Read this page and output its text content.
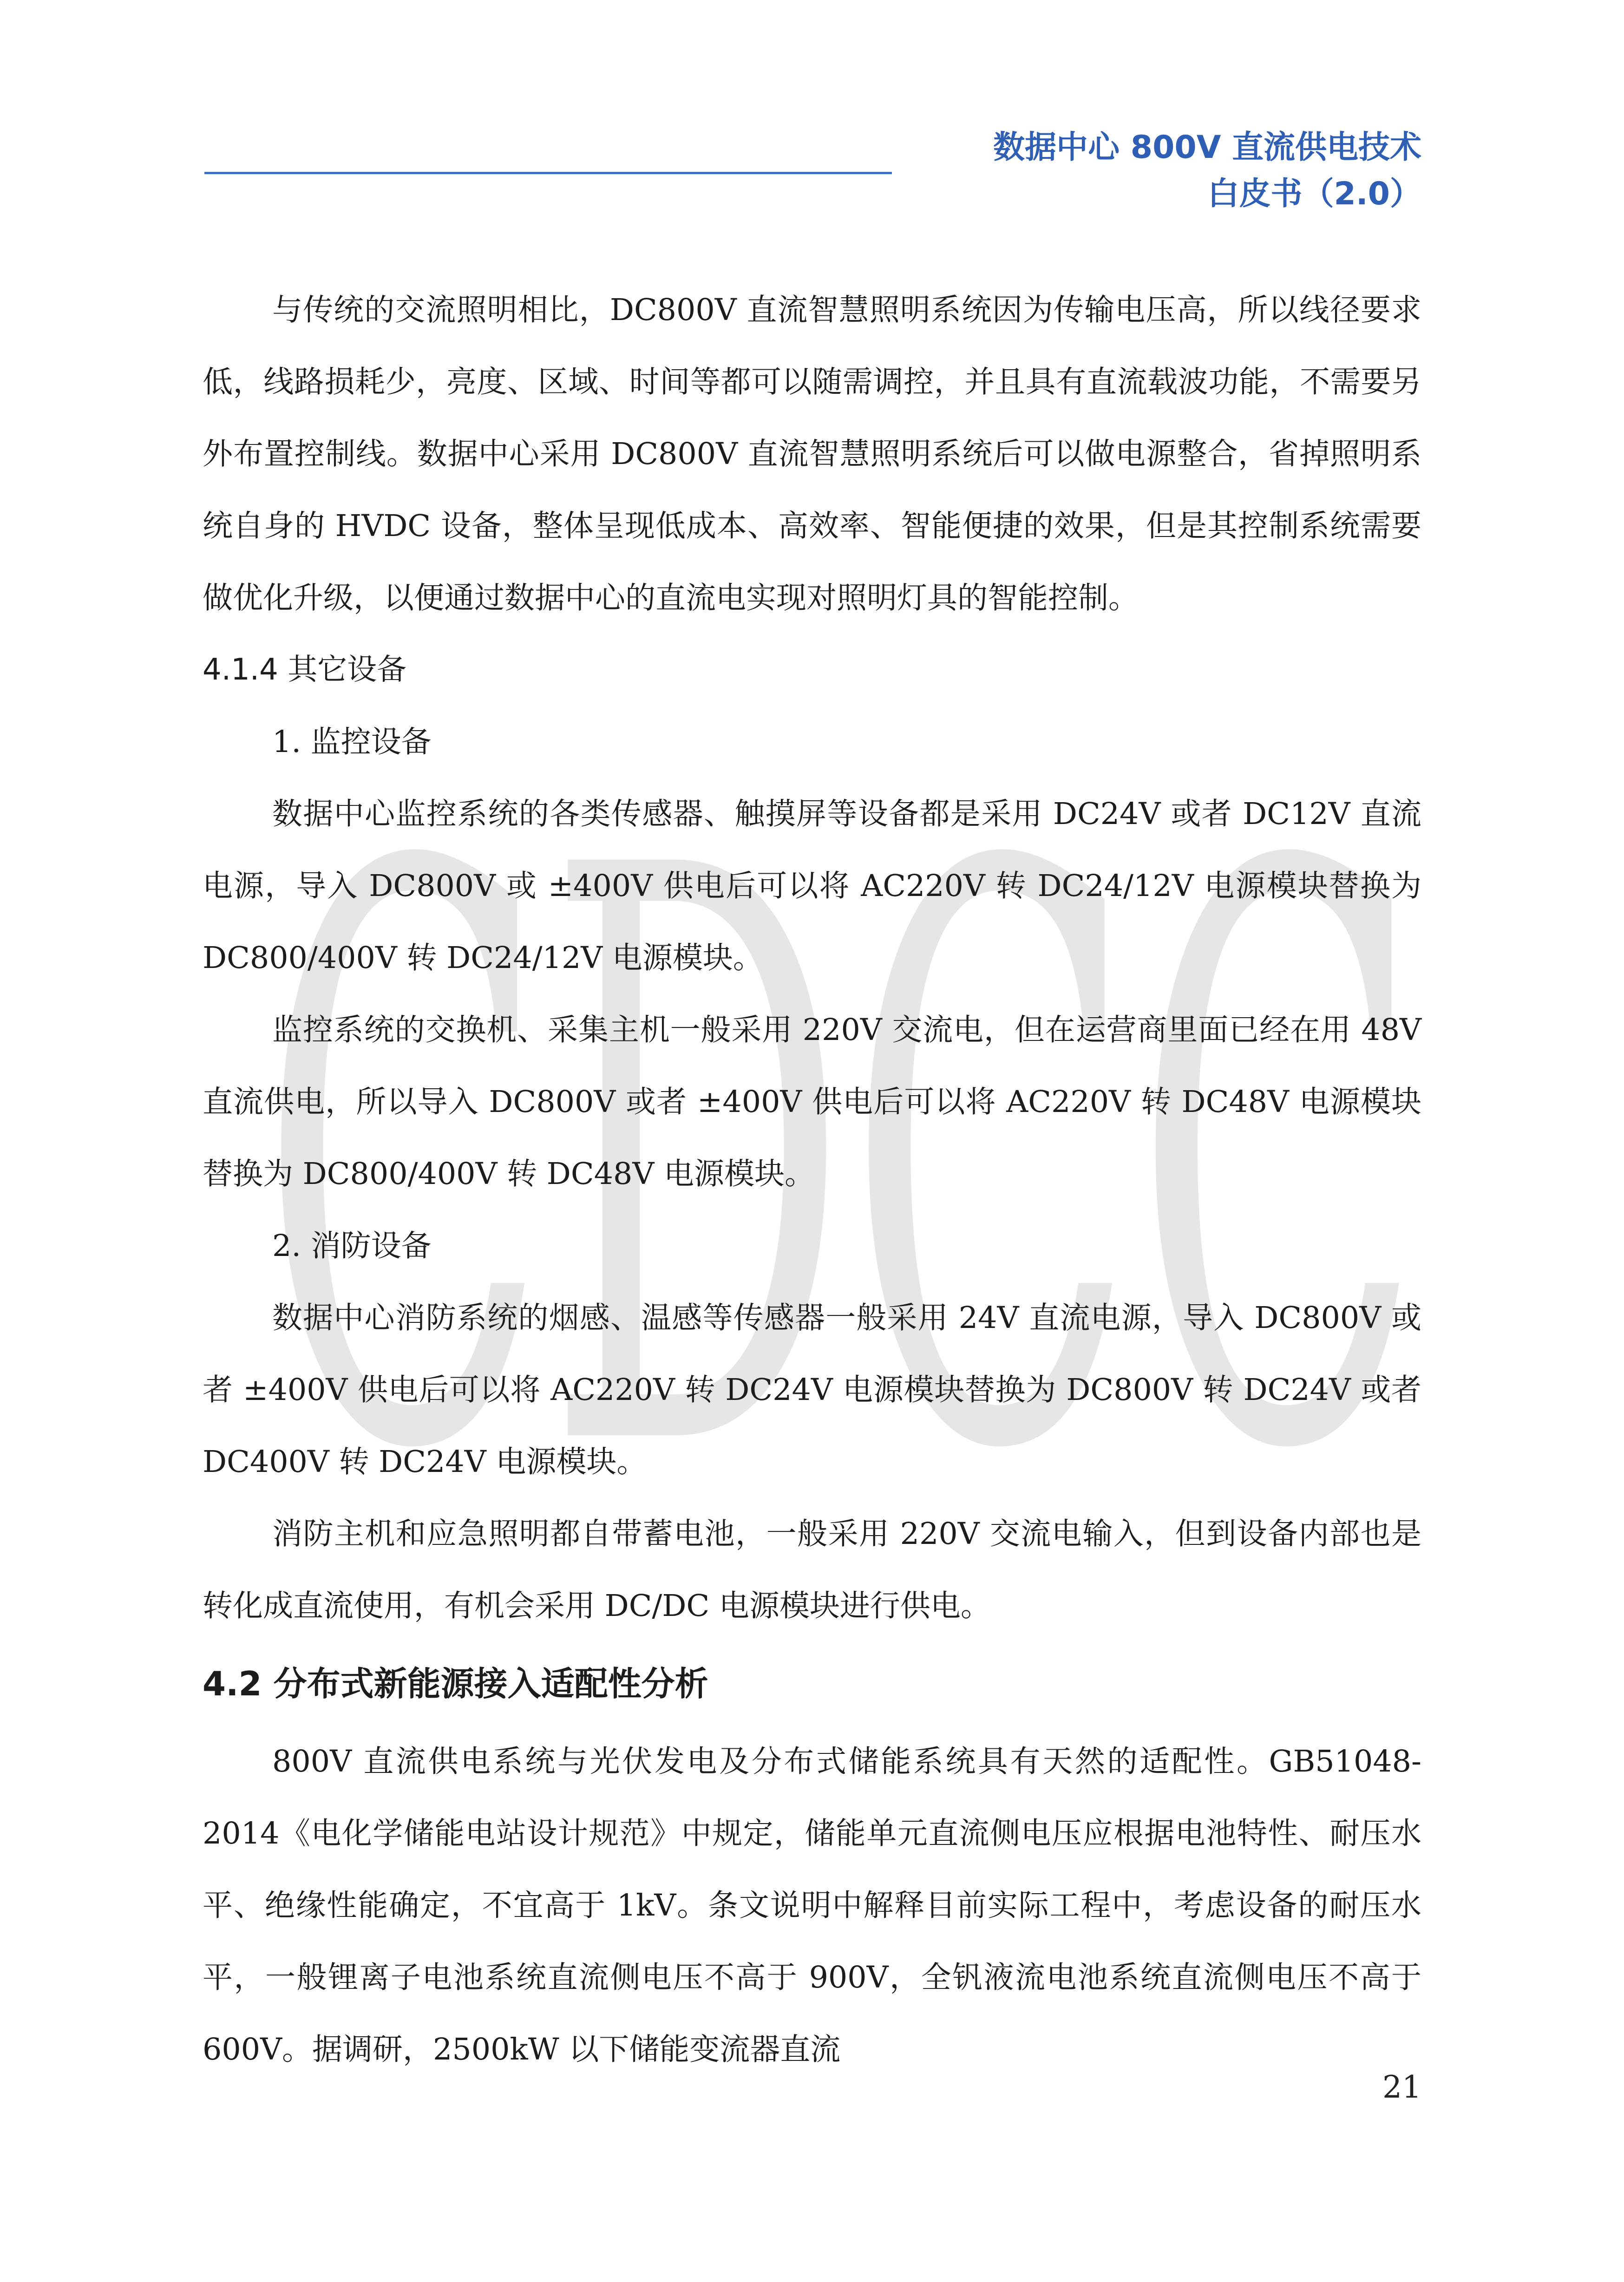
CDCC
数据中心 800V 直流供电技术
白皮书（2.0）

与传统的交流照明相比，DC800V 直流智慧照明系统因为传输电压高，所以线径要求低，线路损耗少，亮度、区域、时间等都可以随需调控，并且具有直流载波功能，不需要另外布置控制线。数据中心采用 DC800V 直流智慧照明系统后可以做电源整合，省掉照明系统自身的 HVDC 设备，整体呈现低成本、高效率、智能便捷的效果，但是其控制系统需要做优化升级，以便通过数据中心的直流电实现对照明灯具的智能控制。

4.1.4 其它设备

1. 监控设备

数据中心监控系统的各类传感器、触摸屏等设备都是采用 DC24V 或者 DC12V 直流电源，导入 DC800V 或 ±400V 供电后可以将 AC220V 转 DC24/12V 电源模块替换为 DC800/400V 转 DC24/12V 电源模块。

监控系统的交换机、采集主机一般采用 220V 交流电，但在运营商里面已经在用 48V 直流供电，所以导入 DC800V 或者 ±400V 供电后可以将 AC220V 转 DC48V 电源模块替换为 DC800/400V 转 DC48V 电源模块。

2. 消防设备

数据中心消防系统的烟感、温感等传感器一般采用 24V 直流电源，导入 DC800V 或者 ±400V 供电后可以将 AC220V 转 DC24V 电源模块替换为 DC800V 转 DC24V 或者 DC400V 转 DC24V 电源模块。

消防主机和应急照明都自带蓄电池，一般采用 220V 交流电输入，但到设备内部也是转化成直流使用，有机会采用 DC/DC 电源模块进行供电。

4.2 分布式新能源接入适配性分析

800V 直流供电系统与光伏发电及分布式储能系统具有天然的适配性。GB51048-2014《电化学储能电站设计规范》中规定，储能单元直流侧电压应根据电池特性、耐压水平、绝缘性能确定，不宜高于 1kV。条文说明中解释目前实际工程中，考虑设备的耐压水平，一般锂离子电池系统直流侧电压不高于 900V，全钒液流电池系统直流侧电压不高于 600V。据调研，2500kW 以下储能变流器直流

21
